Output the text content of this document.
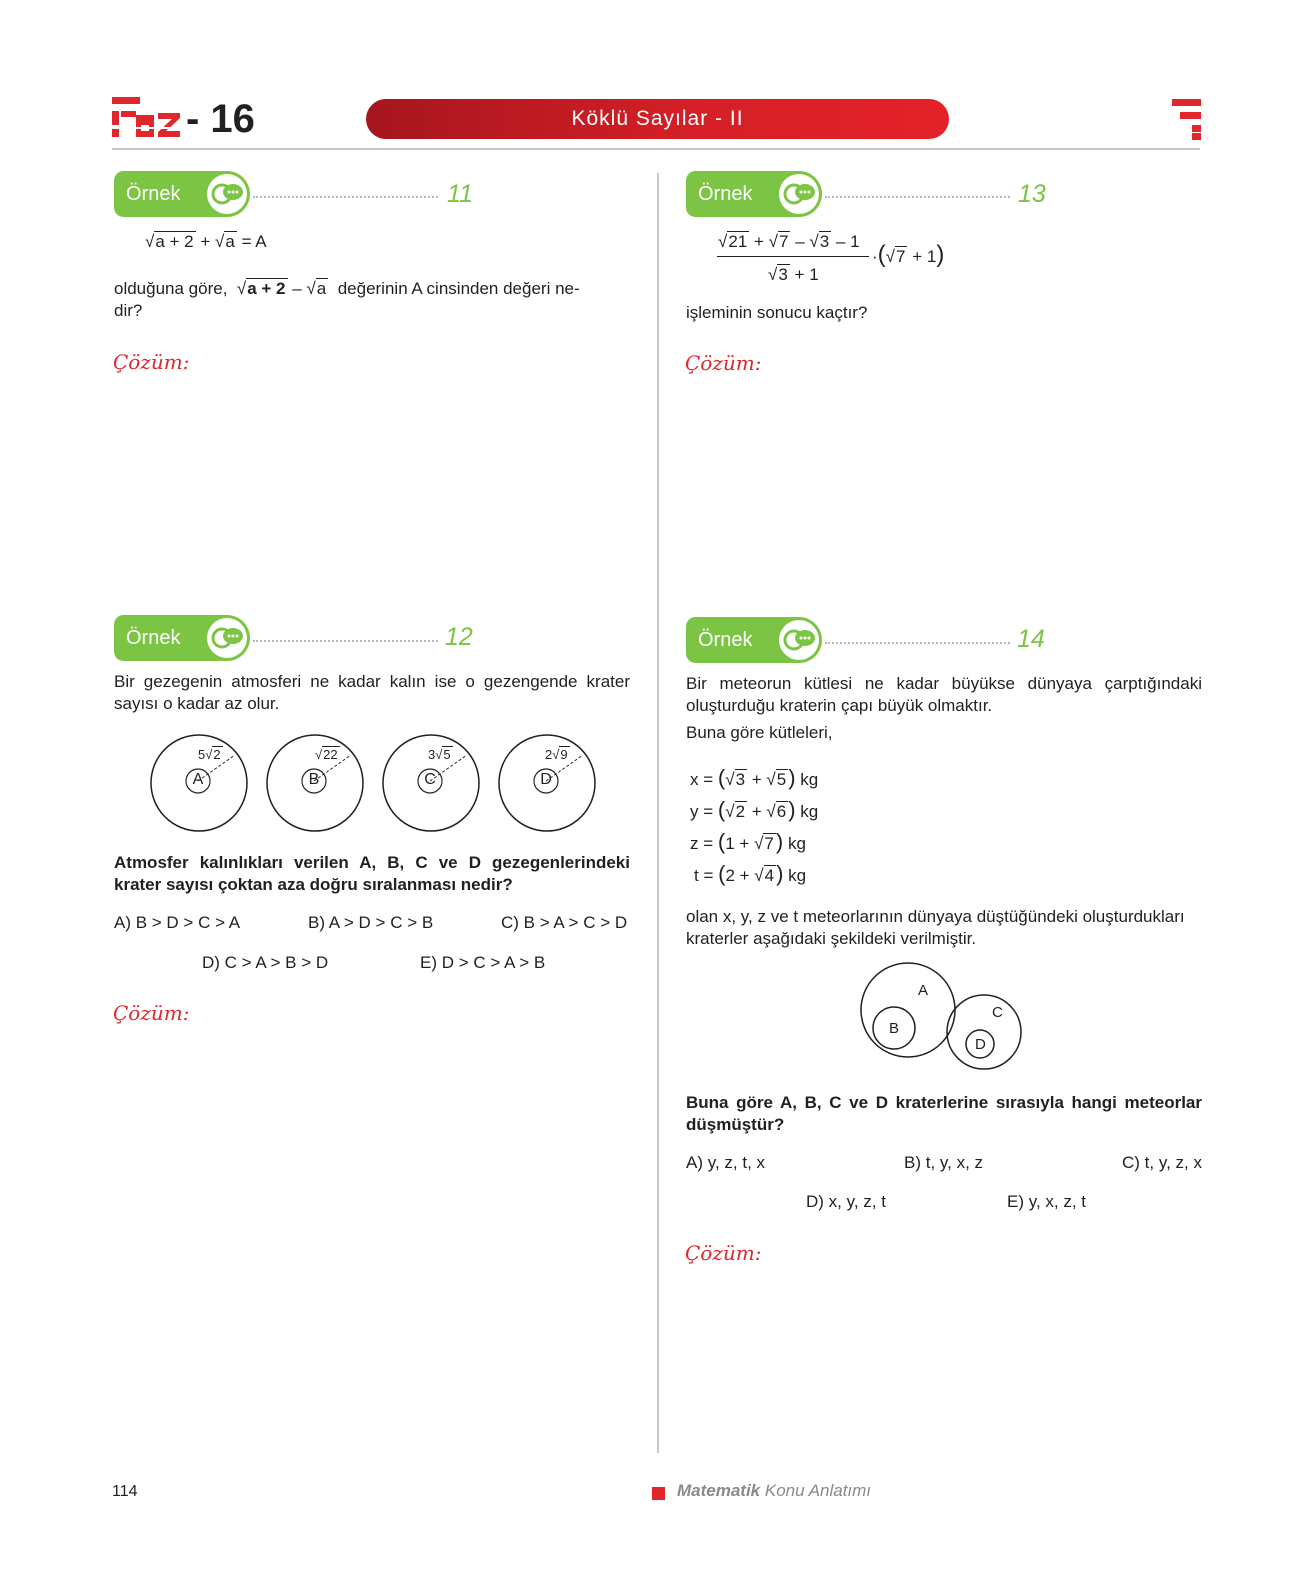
- 16	Köklü Sayılar - II
Örnek	11
√a + 2 + √a = A
olduğuna göre,  √a + 2 – √a değerinin A cinsinden değeri ne-
dir?
Çözüm:
Örnek	13
√21 + √7 – √3 – 1
√3 + 1
·(√7 + 1)
işleminin sonucu kaçtır?
Çözüm:
Örnek	12
Bir gezegenin atmosferi ne kadar kalın ise o gezengende krater sayısı o kadar az olur.
5√2
A
√22
B
3√5
C
2√9
D
Atmosfer kalınlıkları verilen A, B, C ve D gezegenlerindeki krater sayısı çoktan aza doğru sıralanması nedir?
A) B > D > C > A	B) A > D > C > B	C) B > A > C > D
D) C > A > B > D	E) D > C > A > B
Çözüm:
Örnek	14
Bir meteorun kütlesi ne kadar büyükse dünyaya çarptığındaki oluşturduğu kraterin çapı büyük olmaktır.
Buna göre kütleleri,
x = (√3 + √5) kg
y = (√2 + √6) kg
z = (1 + √7) kg
t = (2 + √4) kg
olan x, y, z ve t meteorlarının dünyaya düştüğündeki oluşturdukları kraterler aşağıdaki şekildeki verilmiştir.
A
B
C
D
Buna göre A, B, C ve D kraterlerine sırasıyla hangi meteorlar düşmüştür?
A) y, z, t, x	B) t, y, x, z	C) t, y, z, x
D) x, y, z, t	E) y, x, z, t
Çözüm:
114	Matematik Konu Anlatımı
